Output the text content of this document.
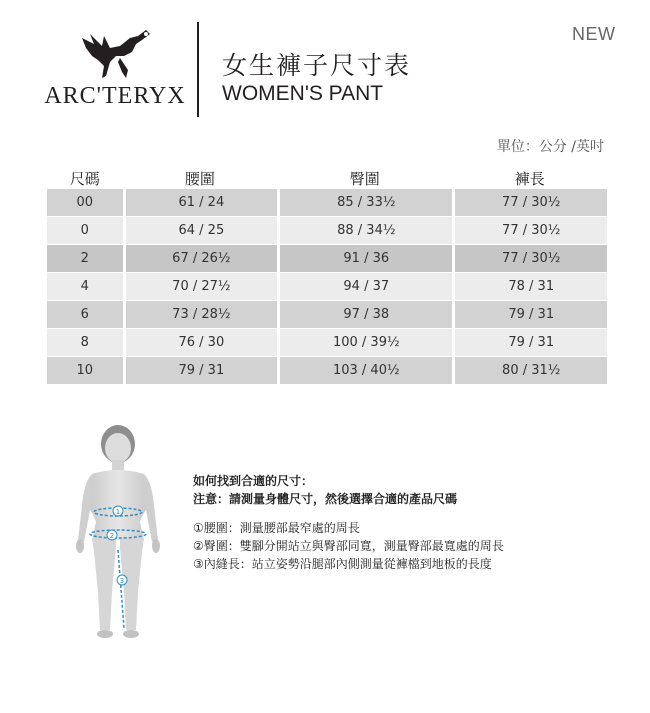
NEW
ARC'TERYX
女生褲子尺寸表
WOMEN'S PANT
單位：公分 /英吋
尺碼	腰圍	臀圍	褲長
00	61 / 24	85 / 33½	77 / 30½
0	64 / 25	88 / 34½	77 / 30½
2	67 / 26½	91 / 36	77 / 30½
4	70 / 27½	94 / 37	78 / 31
6	73 / 28½	97 / 38	79 / 31
8	76 / 30	100 / 39½	79 / 31
10	79 / 31	103 / 40½	80 / 31½
1
2
3
如何找到合適的尺寸：
注意：請測量身體尺寸，然後選擇合適的產品尺碼
①腰圍：測量腰部最窄處的周長
②臀圍：雙腳分開站立與臀部同寬，測量臀部最寬處的周長
③內縫長：站立姿勢沿腿部內側測量從褲檔到地板的長度
